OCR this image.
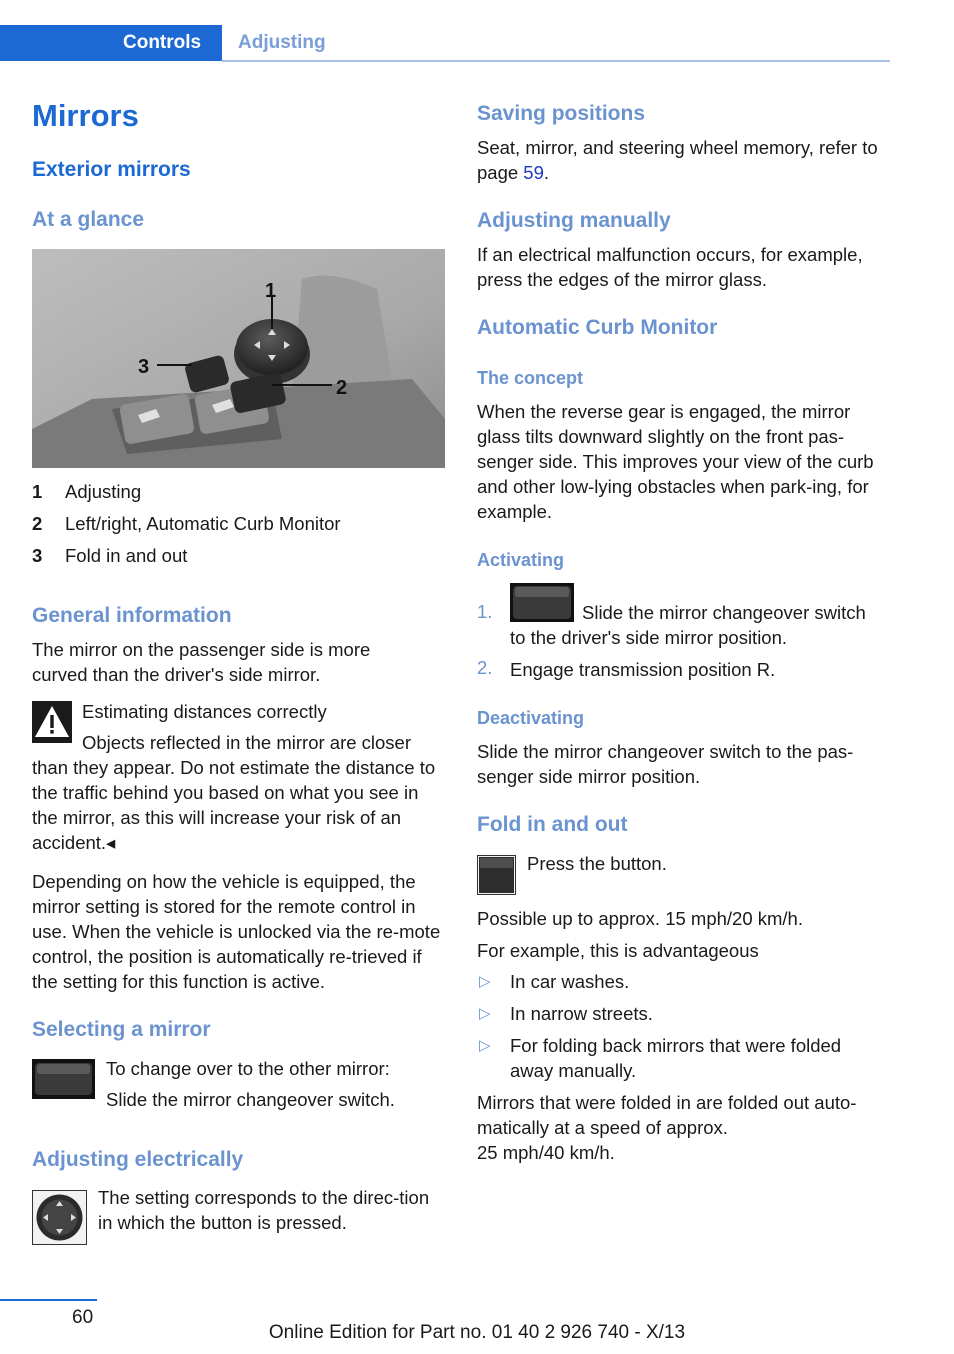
Controls	Adjusting
Mirrors
Exterior mirrors
At a glance
1
2
3
1 Adjusting
2 Left/right, Automatic Curb Monitor
3 Fold in and out
General information

The mirror on the passenger side is more curved than the driver's side mirror.

Estimating distances correctly
Objects reflected in the mirror are closer

than they appear. Do not estimate the distance to the traffic behind you based on what you see in the mirror, as this will increase your risk of an accident.◂

Depending on how the vehicle is equipped, the mirror setting is stored for the remote control in use. When the vehicle is unlocked via the re-mote control, the position is automatically re-trieved if the setting for this function is active.

Selecting a mirror
To change over to the other mirror:
Slide the mirror changeover switch.
Adjusting electrically

The setting corresponds to the direc-tion in which the button is pressed.

Saving positions
Seat, mirror, and steering wheel memory, refer to page 59.
Adjusting manually

If an electrical malfunction occurs, for example, press the edges of the mirror glass.

Automatic Curb Monitor
The concept

When the reverse gear is engaged, the mirror glass tilts downward slightly on the front pas-senger side. This improves your view of the curb and other low-lying obstacles when park-ing, for example.

Activating
1.	Slide the mirror changeover switch
to the driver's side mirror position.
2. Engage transmission position R.
Deactivating

Slide the mirror changeover switch to the pas-senger side mirror position.

Fold in and out
Press the button.
Possible up to approx. 15 mph/20 km/h.
For example, this is advantageous
▷ In car washes.
▷ In narrow streets.
▷ For folding back mirrors that were folded
away manually.
Mirrors that were folded in are folded out auto-
matically at a speed of approx.
25 mph/40 km/h.
60
Online Edition for Part no. 01 40 2 926 740 - X/13
